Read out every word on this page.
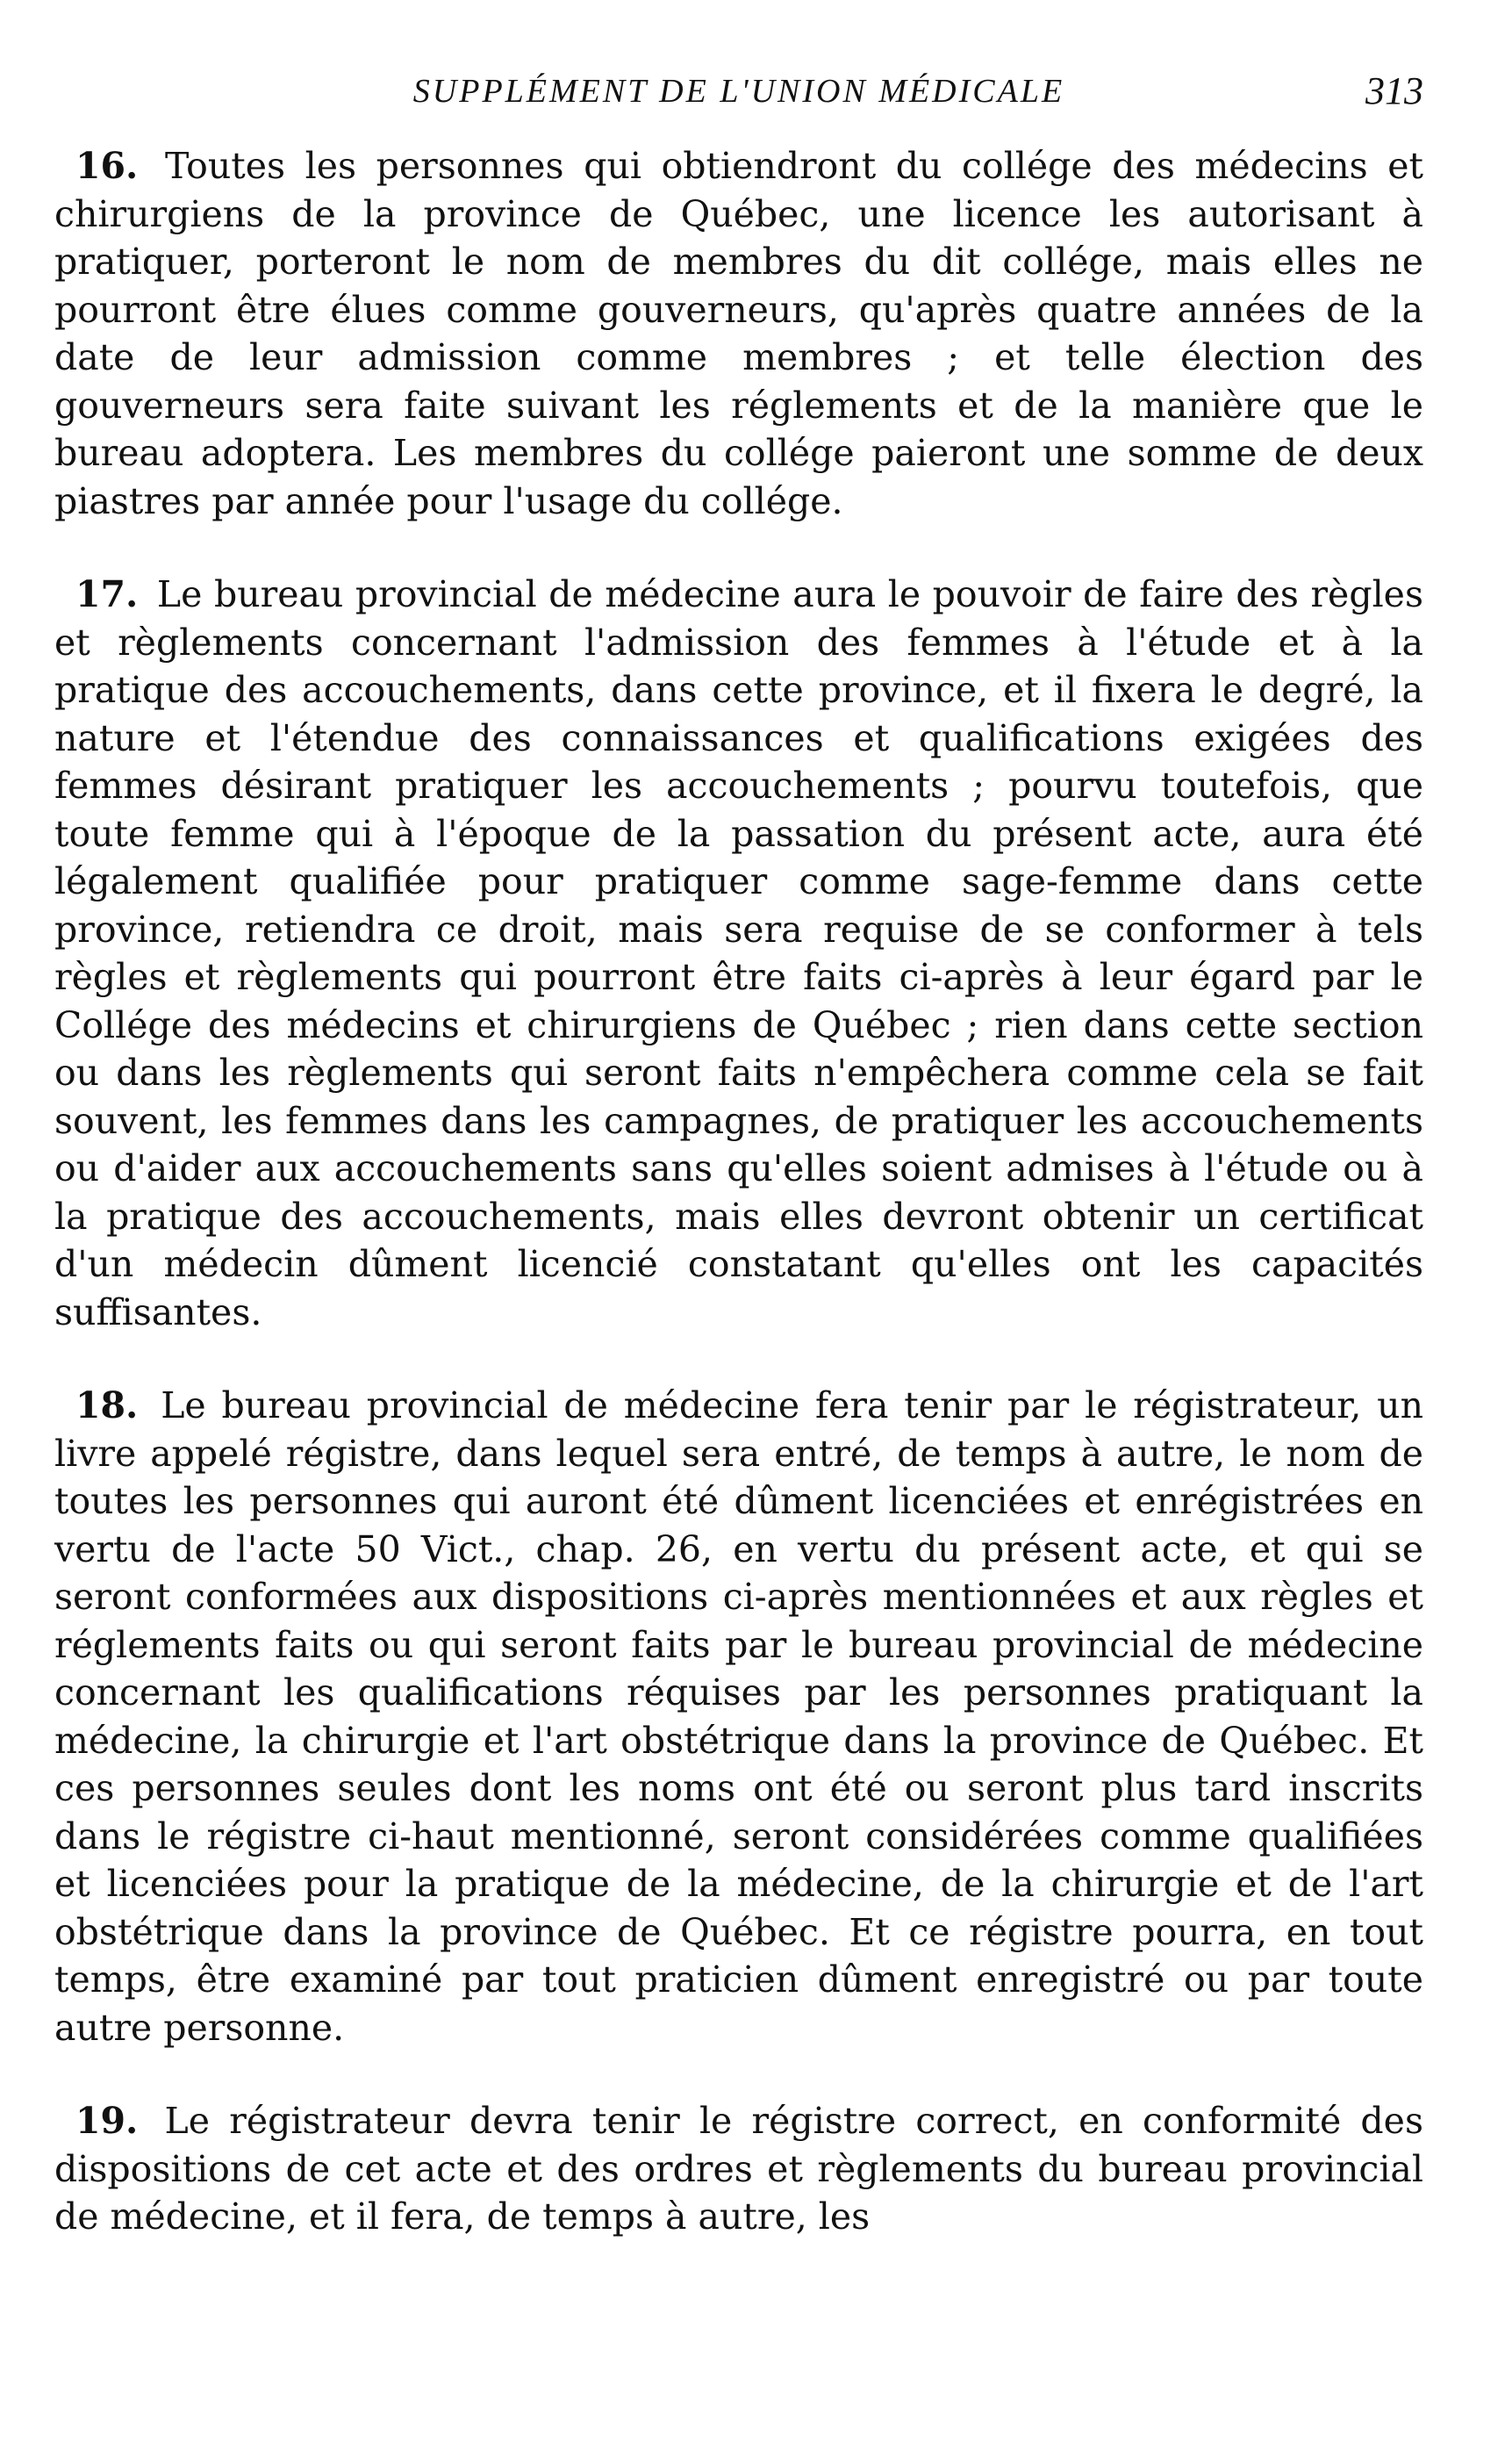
SUPPLÉMENT DE L'UNION MÉDICALE	313

16. Toutes les personnes qui obtiendront du collége des médecins et chirurgiens de la province de Québec, une licence les autorisant à pratiquer, porteront le nom de membres du dit collége, mais elles ne pourront être élues comme gouverneurs, qu'après quatre années de la date de leur admission comme membres ; et telle élection des gouverneurs sera faite suivant les réglements et de la manière que le bureau adoptera. Les membres du collége paieront une somme de deux piastres par année pour l'usage du collége.

17. Le bureau provincial de médecine aura le pouvoir de faire des règles et règlements concernant l'admission des femmes à l'étude et à la pratique des accouchements, dans cette province, et il fixera le degré, la nature et l'étendue des connaissances et qualifications exigées des femmes désirant pratiquer les accouchements ; pourvu toutefois, que toute femme qui à l'époque de la passation du présent acte, aura été légalement qualifiée pour pratiquer comme sage-femme dans cette province, retiendra ce droit, mais sera requise de se conformer à tels règles et règlements qui pourront être faits ci-après à leur égard par le Collége des médecins et chirurgiens de Québec ; rien dans cette section ou dans les règlements qui seront faits n'empêchera comme cela se fait souvent, les femmes dans les campagnes, de pratiquer les accouchements ou d'aider aux accouchements sans qu'elles soient admises à l'étude ou à la pratique des accouchements, mais elles devront obtenir un certificat d'un médecin dûment licencié constatant qu'elles ont les capacités suffisantes.

18. Le bureau provincial de médecine fera tenir par le régistrateur, un livre appelé régistre, dans lequel sera entré, de temps à autre, le nom de toutes les personnes qui auront été dûment licenciées et enrégistrées en vertu de l'acte 50 Vict., chap. 26, en vertu du présent acte, et qui se seront conformées aux dispositions ci-après mentionnées et aux règles et réglements faits ou qui seront faits par le bureau provincial de médecine concernant les qualifications réquises par les personnes pratiquant la médecine, la chirurgie et l'art obstétrique dans la province de Québec. Et ces personnes seules dont les noms ont été ou seront plus tard inscrits dans le régistre ci-haut mentionné, seront considérées comme qualifiées et licenciées pour la pratique de la médecine, de la chirurgie et de l'art obstétrique dans la province de Québec. Et ce régistre pourra, en tout temps, être examiné par tout praticien dûment enregistré ou par toute autre personne.

19. Le régistrateur devra tenir le régistre correct, en conformité des dispositions de cet acte et des ordres et règlements du bureau provincial de médecine, et il fera, de temps à autre, les
